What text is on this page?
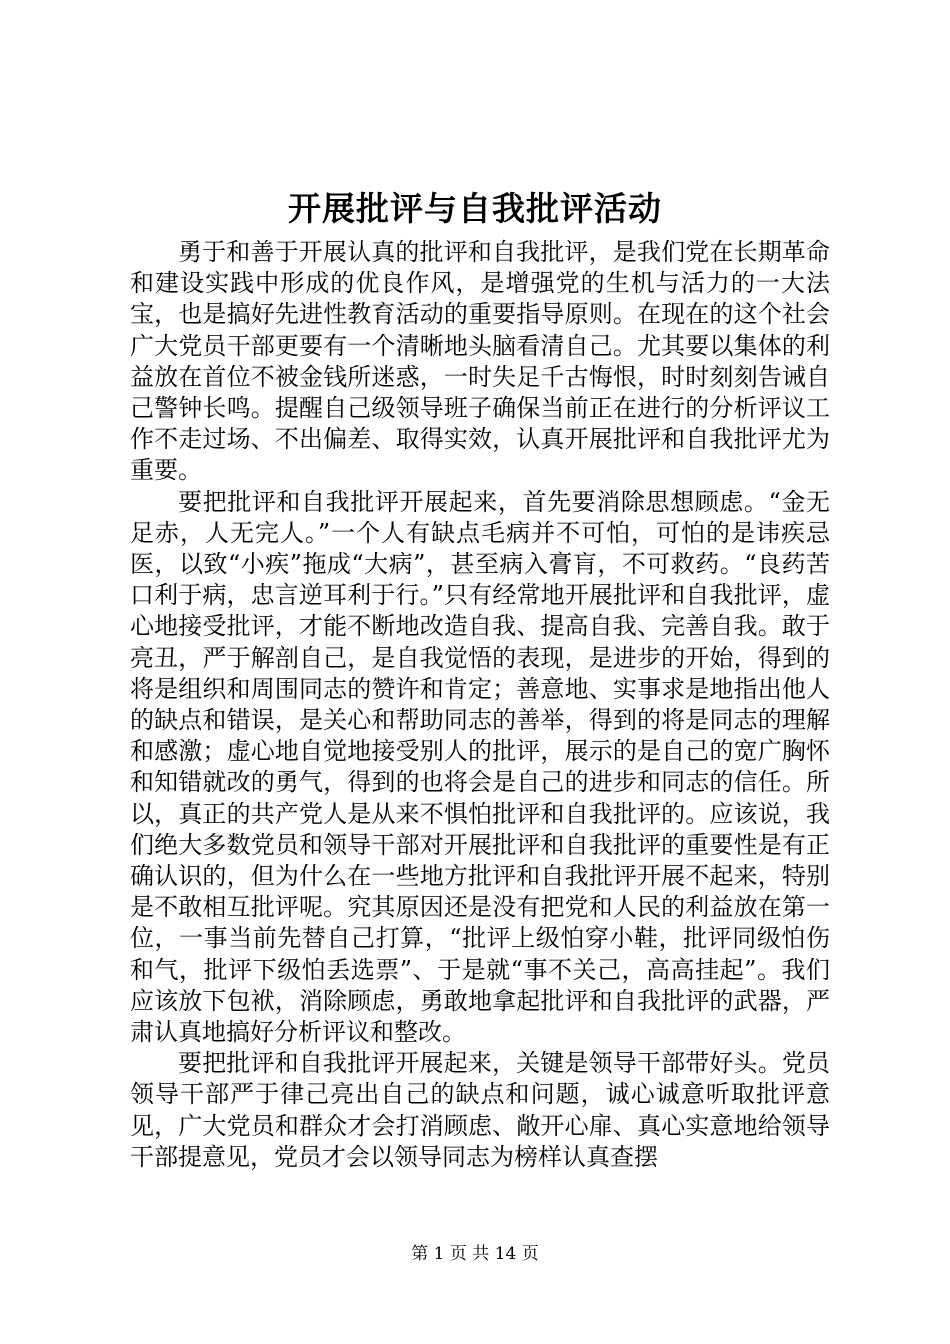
开展批评与自我批评活动

勇于和善于开展认真的批评和自我批评，是我们党在长期革命和建设实践中形成的优良作风，是增强党的生机与活力的一大法宝，也是搞好先进性教育活动的重要指导原则。在现在的这个社会广大党员干部更要有一个清晰地头脑看清自己。尤其要以集体的利益放在首位不被金钱所迷惑，一时失足千古悔恨，时时刻刻告诫自己警钟长鸣。提醒自己级领导班子确保当前正在进行的分析评议工作不走过场、不出偏差、取得实效，认真开展批评和自我批评尤为重要。

要把批评和自我批评开展起来，首先要消除思想顾虑。“金无足赤，人无完人。”一个人有缺点毛病并不可怕，可怕的是讳疾忌医，以致“小疾”拖成“大病”，甚至病入膏肓，不可救药。“良药苦口利于病，忠言逆耳利于行。”只有经常地开展批评和自我批评，虚心地接受批评，才能不断地改造自我、提高自我、完善自我。敢于亮丑，严于解剖自己，是自我觉悟的表现，是进步的开始，得到的将是组织和周围同志的赞许和肯定；善意地、实事求是地指出他人的缺点和错误，是关心和帮助同志的善举，得到的将是同志的理解和感激；虚心地自觉地接受别人的批评，展示的是自己的宽广胸怀和知错就改的勇气，得到的也将会是自己的进步和同志的信任。所以，真正的共产党人是从来不惧怕批评和自我批评的。应该说，我们绝大多数党员和领导干部对开展批评和自我批评的重要性是有正确认识的，但为什么在一些地方批评和自我批评开展不起来，特别是不敢相互批评呢。究其原因还是没有把党和人民的利益放在第一位，一事当前先替自己打算，“批评上级怕穿小鞋，批评同级怕伤和气，批评下级怕丢选票”、于是就“事不关己，高高挂起”。我们应该放下包袱，消除顾虑，勇敢地拿起批评和自我批评的武器，严肃认真地搞好分析评议和整改。

要把批评和自我批评开展起来，关键是领导干部带好头。党员领导干部严于律己亮出自己的缺点和问题，诚心诚意听取批评意见，广大党员和群众才会打消顾虑、敞开心扉、真心实意地给领导干部提意见，党员才会以领导同志为榜样认真查摆

第 1 页 共 14 页
